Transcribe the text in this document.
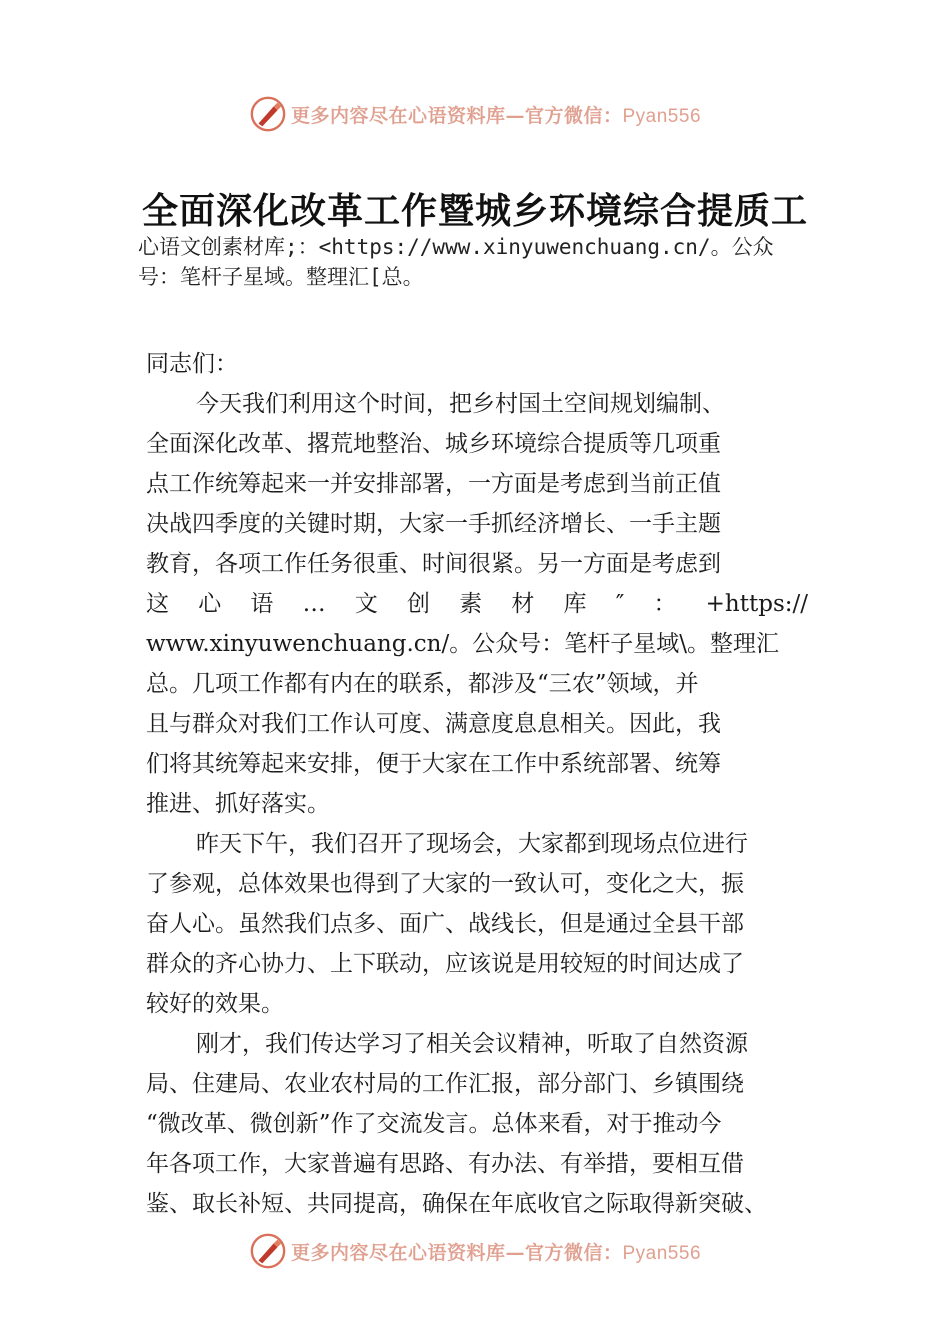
更多内容尽在心语资料库—官方微信：Pyan556
全面深化改革工作暨城乡环境综合提质工
心语文创素材库;：<https://www.xinyuwenchuang.cn/。公众
号：笔杆子星域。整理汇[总。
同志们：
今天我们利用这个时间，把乡村国土空间规划编制、
全面深化改革、撂荒地整治、城乡环境综合提质等几项重
点工作统筹起来一并安排部署，一方面是考虑到当前正值
决战四季度的关键时期，大家一手抓经济增长、一手主题
教育，各项工作任务很重、时间很紧。另一方面是考虑到
这 心 语 … 文 创 素 材 库 ″ ： +https://
www.xinyuwenchuang.cn/。公众号：笔杆子星域\。整理汇
总。几项工作都有内在的联系，都涉及“三农”领域，并
且与群众对我们工作认可度、满意度息息相关。因此，我
们将其统筹起来安排，便于大家在工作中系统部署、统筹
推进、抓好落实。
昨天下午，我们召开了现场会，大家都到现场点位进行
了参观，总体效果也得到了大家的一致认可，变化之大，振
奋人心。虽然我们点多、面广、战线长，但是通过全县干部
群众的齐心协力、上下联动，应该说是用较短的时间达成了
较好的效果。
刚才，我们传达学习了相关会议精神，听取了自然资源
局、住建局、农业农村局的工作汇报，部分部门、乡镇围绕
“微改革、微创新”作了交流发言。总体来看，对于推动今
年各项工作，大家普遍有思路、有办法、有举措，要相互借
鉴、取长补短、共同提高，确保在年底收官之际取得新突破、
更多内容尽在心语资料库—官方微信：Pyan556
